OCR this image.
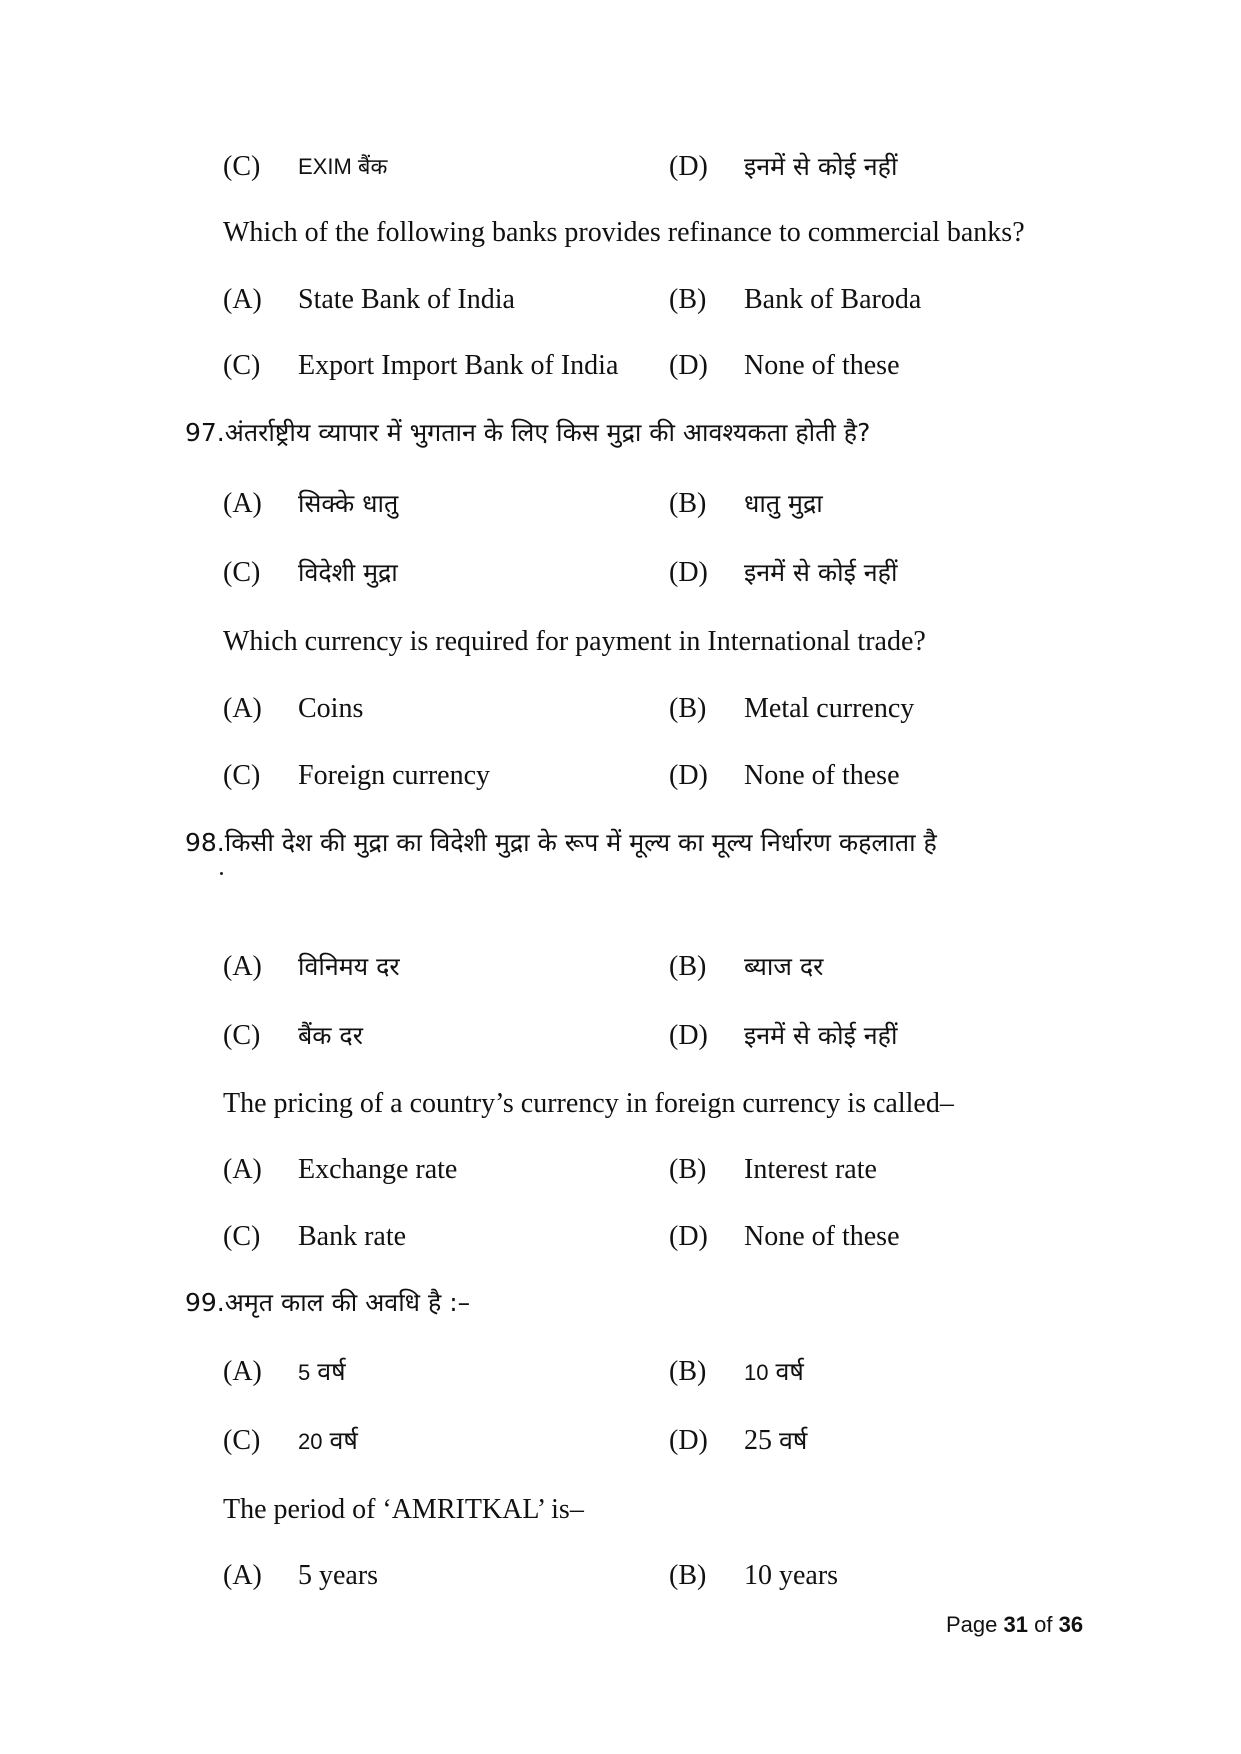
(C) EXIM बैंक	(D) इनमें से कोई नहीं
Which of the following banks provides refinance to commercial banks?
(A) State Bank of India	(B) Bank of Baroda
(C) Export Import Bank of India (D) None of these
97.अंतर्राष्ट्रीय व्यापार में भुगतान के लिए किस मुद्रा की आवश्यकता होती है?
(A) सिक्के धातु	(B) धातु मुद्रा
(C) विदेशी मुद्रा	(D) इनमें से कोई नहीं
Which currency is required for payment in International trade?
(A) Coins	(B) Metal currency
(C) Foreign currency	(D) None of these
98.किसी देश की मुद्रा का विदेशी मुद्रा के रूप में मूल्य का मूल्य निर्धारण कहलाता है
(A) विनिमय दर	(B) ब्याज दर
(C) बैंक दर	(D) इनमें से कोई नहीं
The pricing of a country’s currency in foreign currency is called–
(A) Exchange rate	(B) Interest rate
(C) Bank rate	(D) None of these
99.अमृत काल की अवधि है :–
(A) 5 वर्ष	(B) 10 वर्ष
(C) 20 वर्ष	(D) 25 वर्ष
The period of ‘AMRITKAL’ is–
(A) 5 years	(B) 10 years
Page 31 of 36
